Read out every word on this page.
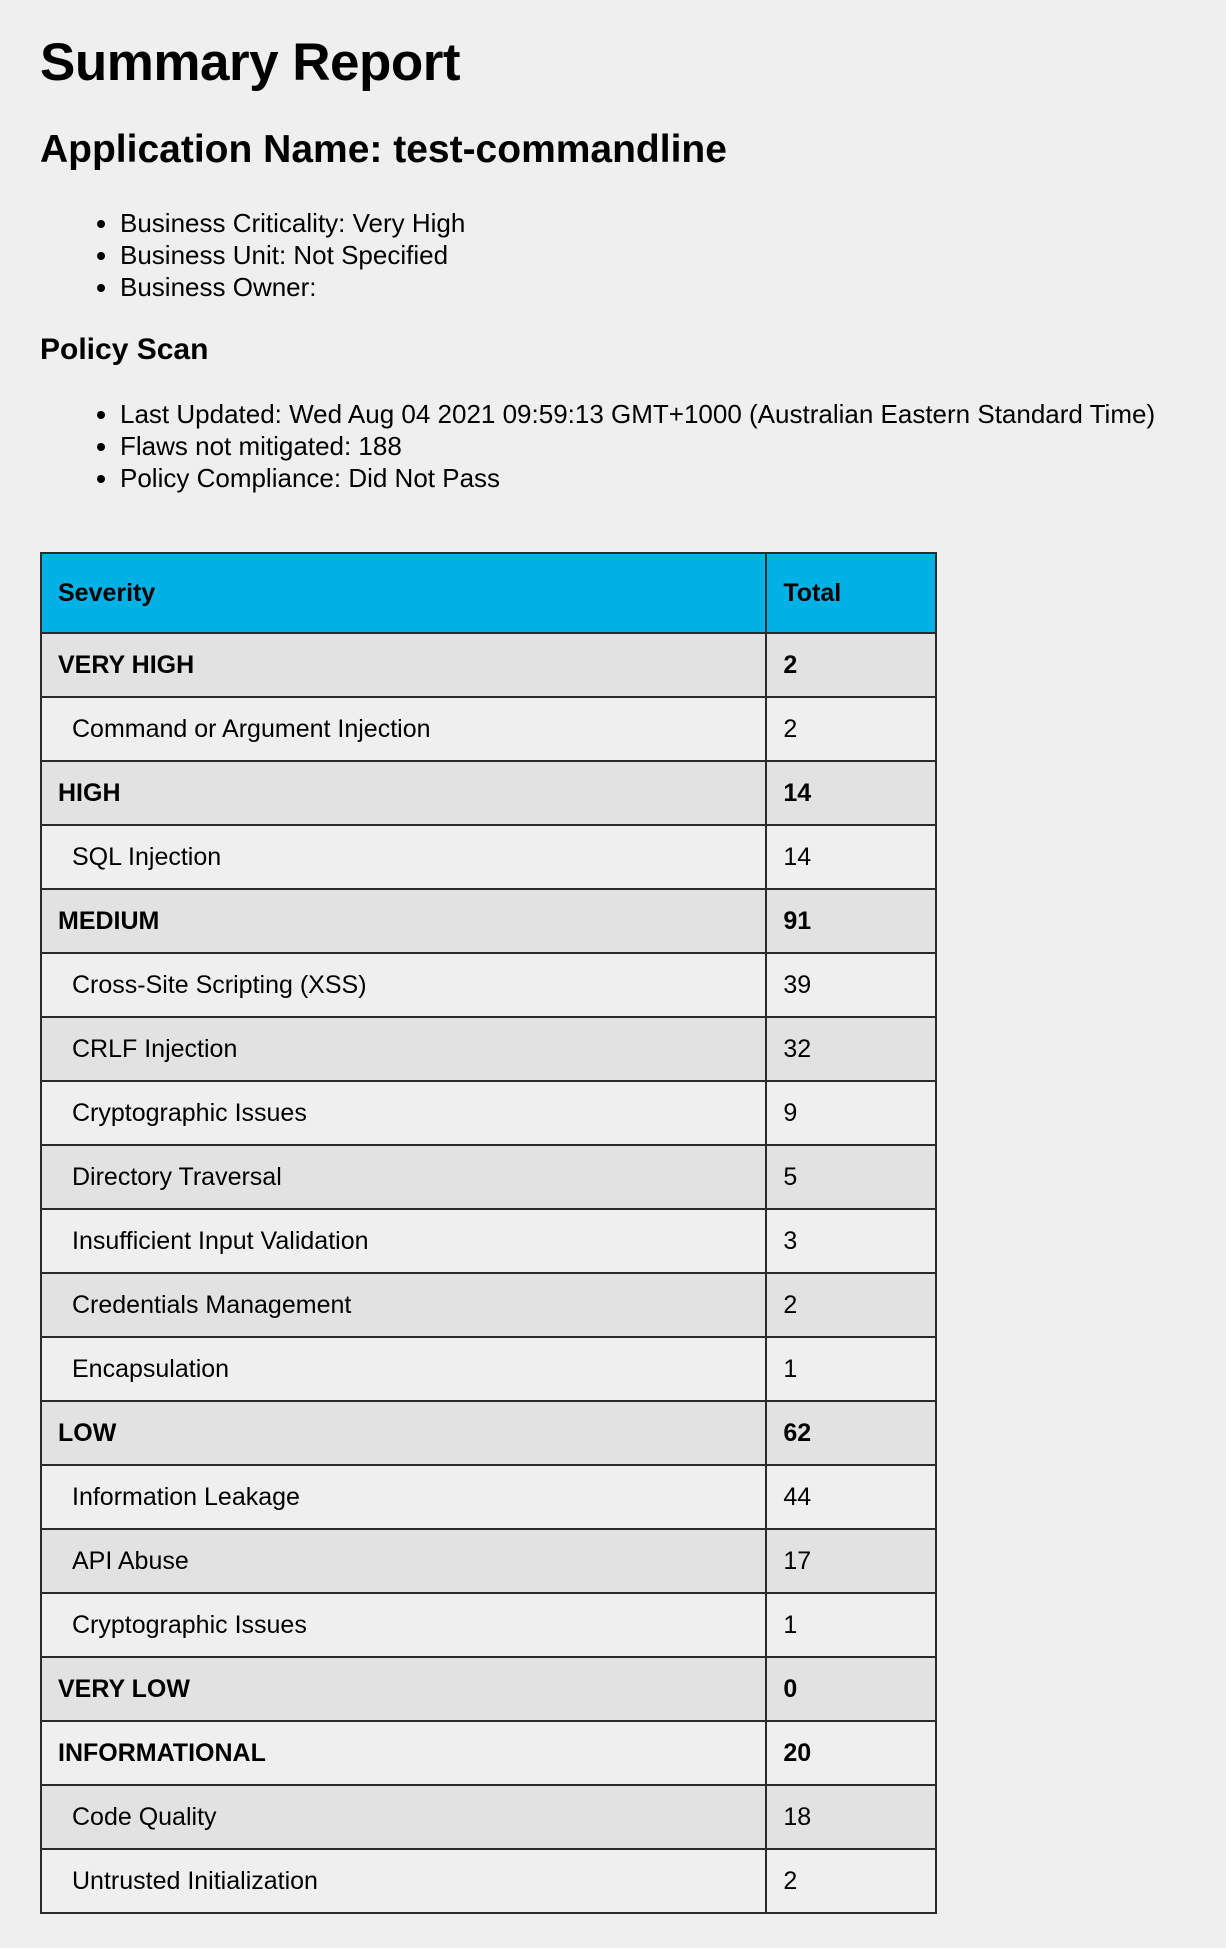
Summary Report
Application Name: test-commandline
• Business Criticality: Very High
• Business Unit: Not Specified
• Business Owner:
Policy Scan
• Last Updated: Wed Aug 04 2021 09:59:13 GMT+1000 (Australian Eastern Standard Time)
• Flaws not mitigated: 188
• Policy Compliance: Did Not Pass
Severity	Total
VERY HIGH	2
Command or Argument Injection	2
HIGH	14
SQL Injection	14
MEDIUM	91
Cross-Site Scripting (XSS)	39
CRLF Injection	32
Cryptographic Issues	9
Directory Traversal	5
Insufficient Input Validation	3
Credentials Management	2
Encapsulation	1
LOW	62
Information Leakage	44
API Abuse	17
Cryptographic Issues	1
VERY LOW	0
INFORMATIONAL	20
Code Quality	18
Untrusted Initialization	2
